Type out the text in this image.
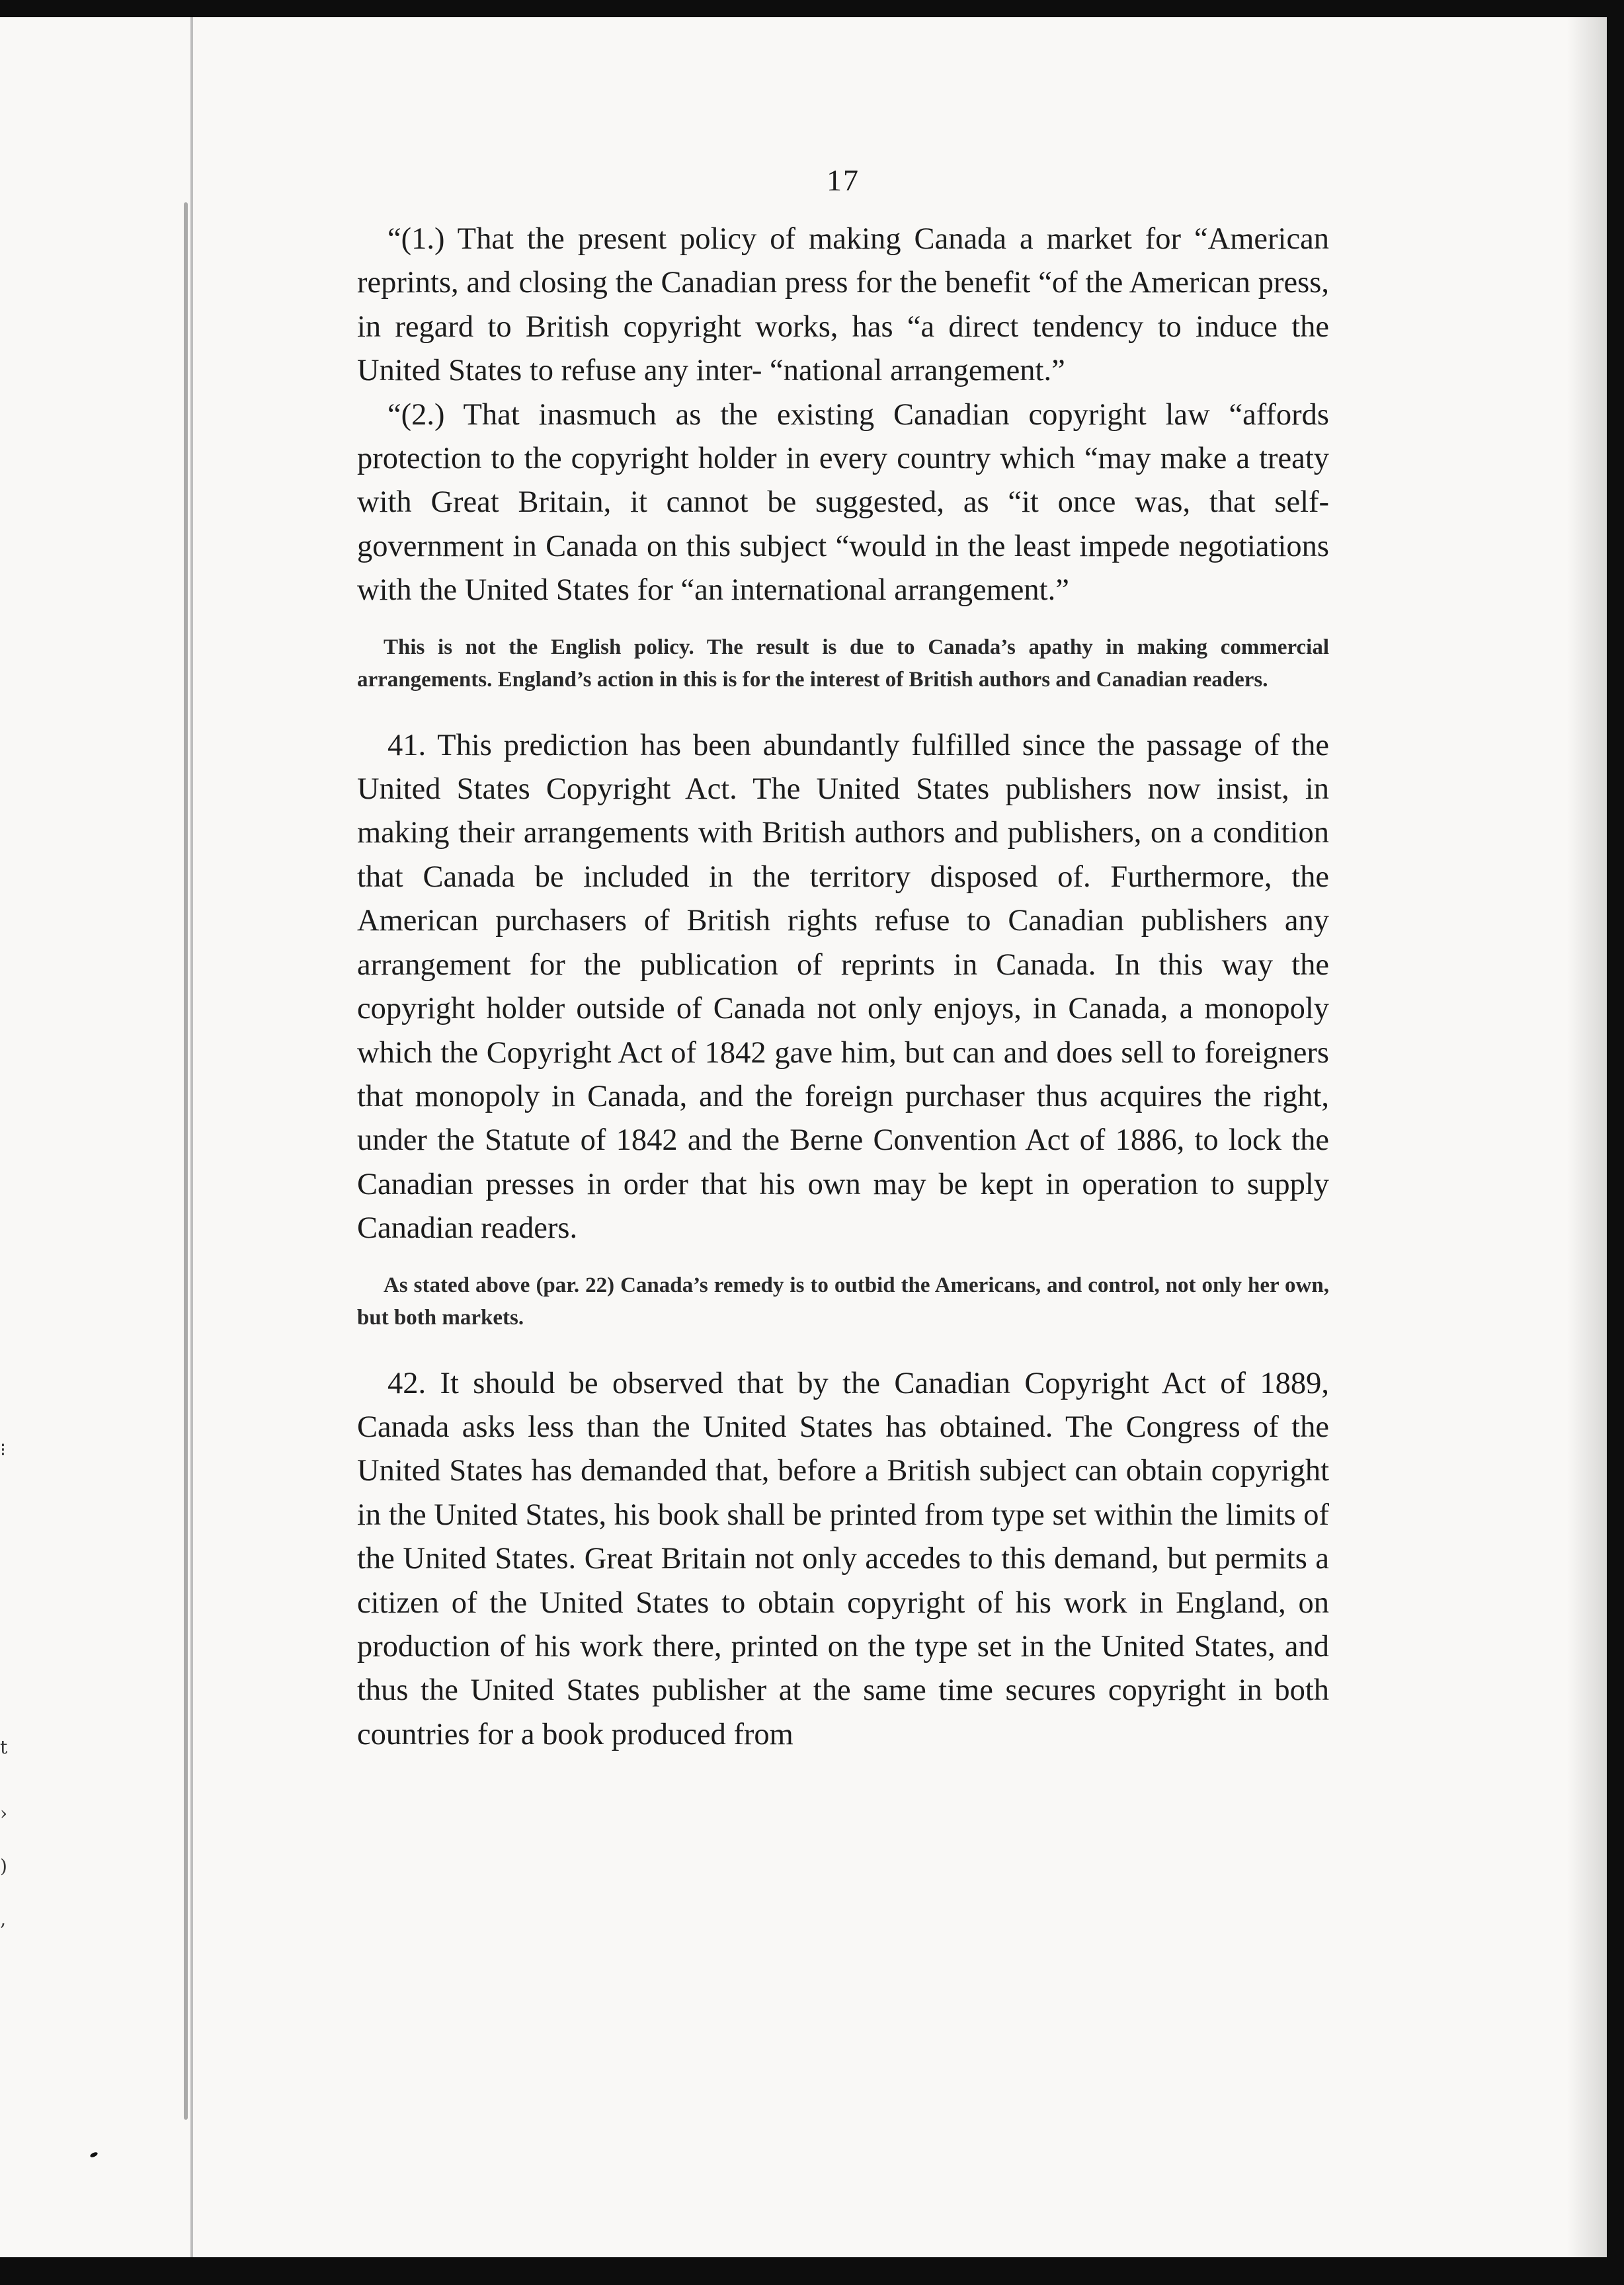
⁝
t
›
)
‚
17

“(1.) That the present policy of making Canada a market for “American reprints, and closing the Canadian press for the benefit “of the American press, in regard to British copyright works, has “a direct tendency to induce the United States to refuse any inter- “national arrangement.”

“(2.) That inasmuch as the existing Canadian copyright law “affords protection to the copyright holder in every country which “may make a treaty with Great Britain, it cannot be suggested, as “it once was, that self-government in Canada on this subject “would in the least impede negotiations with the United States for “an international arrangement.”

This is not the English policy. The result is due to Canada’s apathy in making commercial arrangements. England’s action in this is for the interest of British authors and Canadian readers.

41. This prediction has been abundantly fulfilled since the passage of the United States Copyright Act. The United States publishers now insist, in making their arrangements with British authors and publishers, on a condition that Canada be included in the territory disposed of. Furthermore, the American purchasers of British rights refuse to Canadian publishers any arrangement for the publication of reprints in Canada. In this way the copyright holder outside of Canada not only enjoys, in Canada, a monopoly which the Copyright Act of 1842 gave him, but can and does sell to foreigners that monopoly in Canada, and the foreign purchaser thus acquires the right, under the Statute of 1842 and the Berne Convention Act of 1886, to lock the Canadian presses in order that his own may be kept in operation to supply Canadian readers.

As stated above (par. 22) Canada’s remedy is to outbid the Americans, and control, not only her own, but both markets.

42. It should be observed that by the Canadian Copyright Act of 1889, Canada asks less than the United States has obtained. The Congress of the United States has demanded that, before a British subject can obtain copyright in the United States, his book shall be printed from type set within the limits of the United States. Great Britain not only accedes to this demand, but permits a citizen of the United States to obtain copyright of his work in England, on production of his work there, printed on the type set in the United States, and thus the United States publisher at the same time secures copyright in both countries for a book produced from
